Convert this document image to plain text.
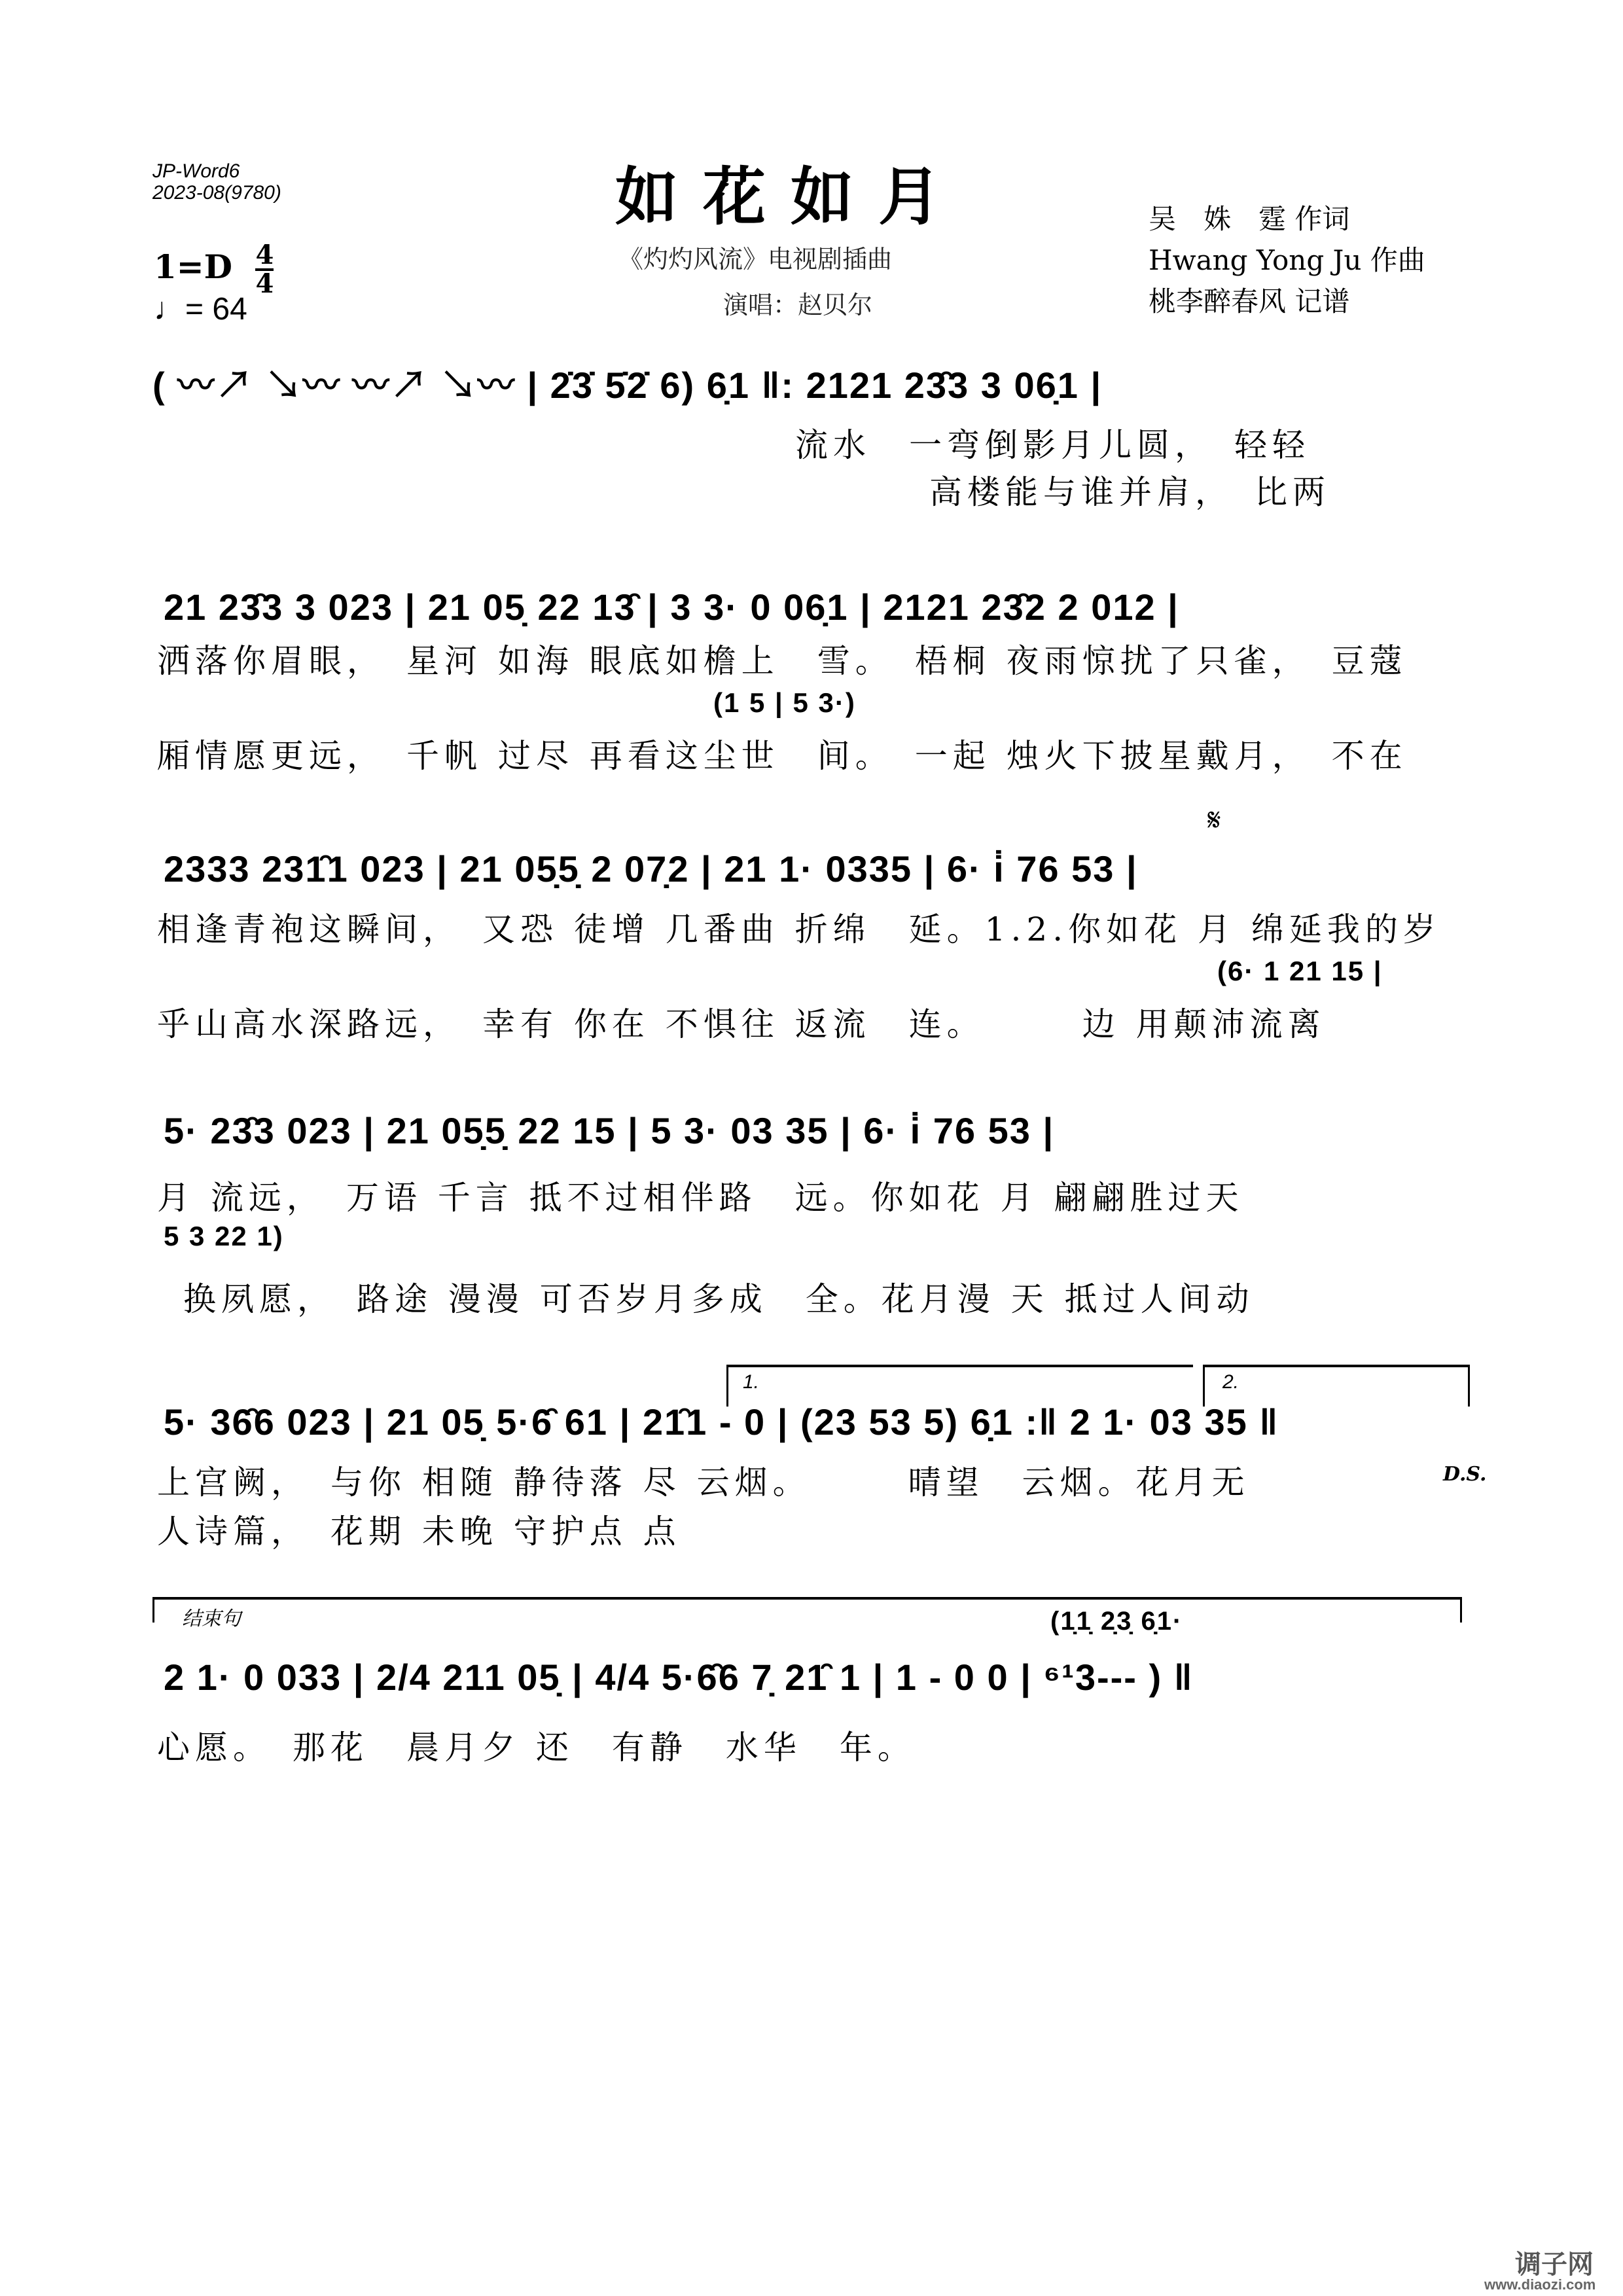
JP-Word6
2023-08(9780)	如花如月
《灼灼风流》电视剧插曲
演唱：赵贝尔
吴　姝　霆 作词
Hwang Yong Ju 作曲
桃李醉春风 记谱
$1=D \frac{4}{4}$
♩= 64
( 〰↗ ↘〰 〰↗ ↘〰 | 2̇3̇ 5̇2̇ 6) 6̣1 ‖: 2121 23̑3 3 06̣1 |
流水　一弯倒影月儿圆，　轻轻
高楼能与谁并肩，　比两
21 23̑3 3 023 | 21 05̣ 22 13̑ | 3 3· 0 06̣1 | 2121 23̑2 2 012 |
洒落你眉眼，　星河 如海 眼底如檐上　雪。　梧桐 夜雨惊扰了只雀，　豆蔻
(1 5 | 5 3·)
厢情愿更远，　千帆 过尽 再看这尘世　间。　一起 烛火下披星戴月，　不在
𝄋
2333 231̑1 023 | 21 05̣5̣ 2 07̣2 | 21 1· 0335 | 6· i̇ 76 53 |
相逢青袍这瞬间，　又恐 徒增 几番曲 折绵　延。1.2.你如花 月 绵延我的岁
(6· 1 21 15 |
乎山高水深路远，　幸有 你在 不惧往 返流　连。　　　边 用颠沛流离
5· 23̑3 023 | 21 05̣5̣ 22 15 | 5 3· 03 35 | 6· i̇ 76 53 |
月 流远，　万语 千言 抵不过相伴路　远。你如花 月 翩翩胜过天
5 3 22 1)
换夙愿，　路途 漫漫 可否岁月多成　全。花月漫 天 抵过人间动
1.	2.
5· 36̑6 023 | 21 05̣ 5·6̑ 61 | 21̑1 - 0 | (23 53 5) 6̣1 :‖ 2 1· 03 35 ‖
上宫阙，　与你 相随 静待落 尽 云烟。　　　晴望　云烟。花月无	D.S.
人诗篇，　花期 未晚 守护点 点
结束句	(1̣1̣ 2̣3̣ 6̣1·
2 1· 0 033 | 2/4 211 05̣ | 4/4 5·6̑6 7̣ 21̑ 1 | 1 - 0 0 | ⁶¹3--- ) ‖
心愿。　那花　晨月夕 还　有静　水华　年。
调子网
www.diaozi.com
